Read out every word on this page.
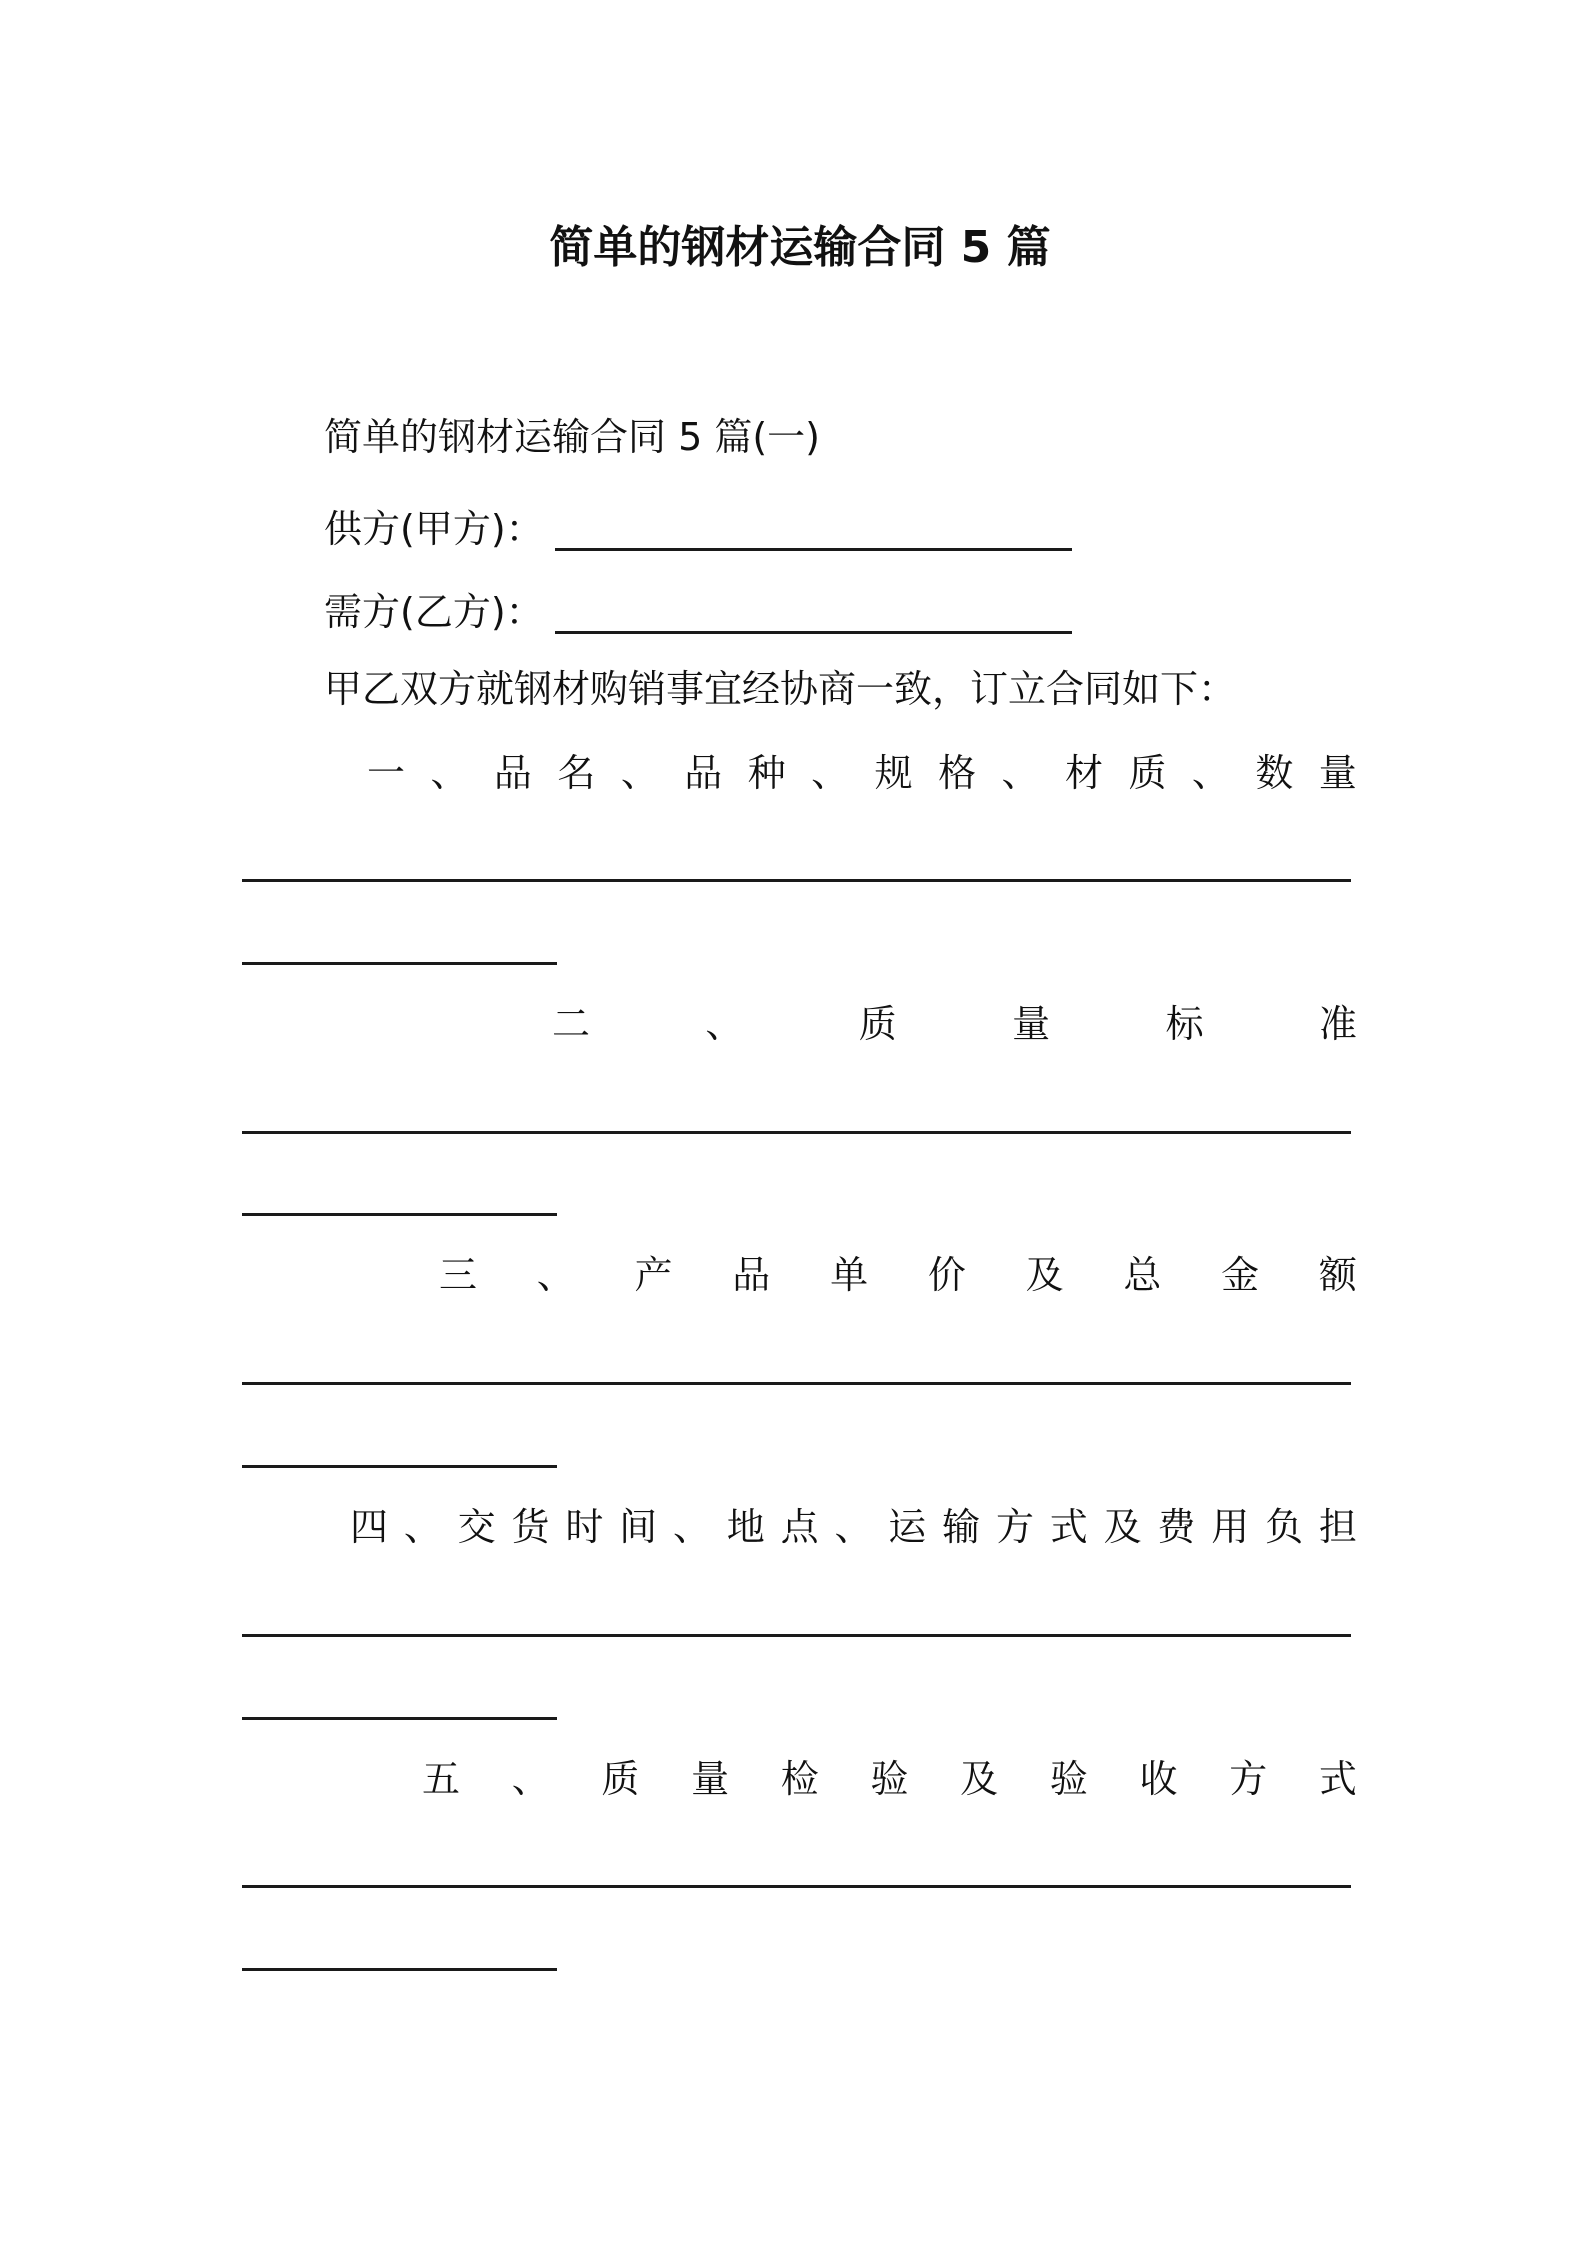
简单的钢材运输合同 5 篇
简单的钢材运输合同 5 篇(一)
供方(甲方)：
需方(乙方)：
甲乙双方就钢材购销事宜经协商一致，订立合同如下：
一 、 品 名 、 品 种 、 规 格 、 材 质 、 数 量
二	、	质	量	标	准
三 、 产 品 单 价 及 总 金 额
四 、 交 货 时 间 、 地 点 、 运 输 方 式 及 费 用 负 担
五 、 质 量 检 验 及 验 收 方 式
